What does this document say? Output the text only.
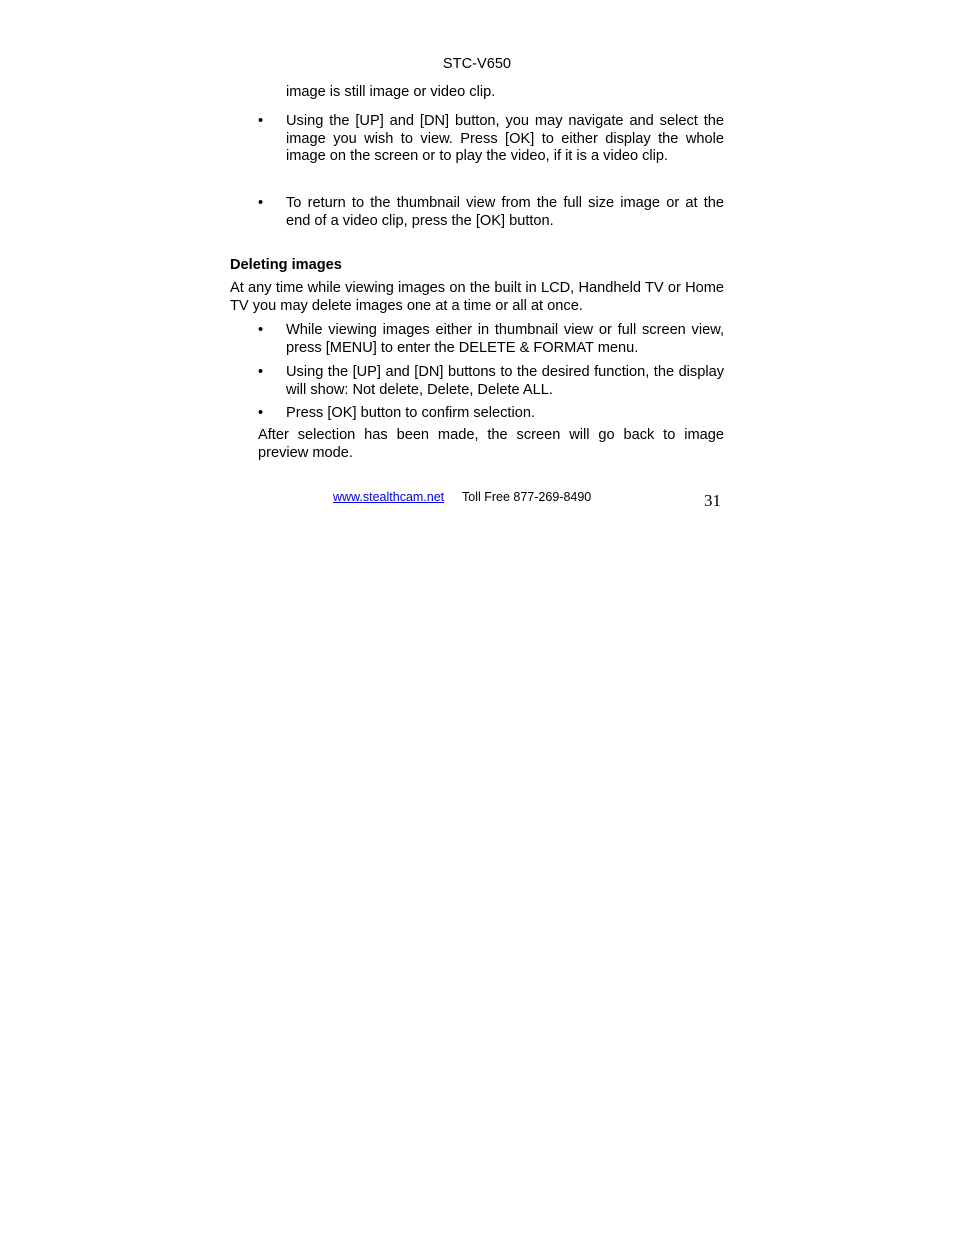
STC-V650
image is still image or video clip.
•	Using the [UP] and [DN] button, you may navigate and select the image you wish to view. Press [OK] to either display the whole image on the screen or to play the video, if it is a video clip.
•	To return to the thumbnail view from the full size image or at the end of a video clip, press the [OK] button.
Deleting images
At any time while viewing images on the built in LCD, Handheld TV or Home TV you may delete images one at a time or all at once.
•	While viewing images either in thumbnail view or full screen view, press [MENU] to enter the DELETE & FORMAT menu.
•	Using the [UP] and [DN] buttons to the desired function, the display will show: Not delete, Delete, Delete ALL.
•	Press [OK] button to confirm selection.
After selection has been made, the screen will go back to image preview mode.
www.stealthcam.net Toll Free 877-269-8490	31
